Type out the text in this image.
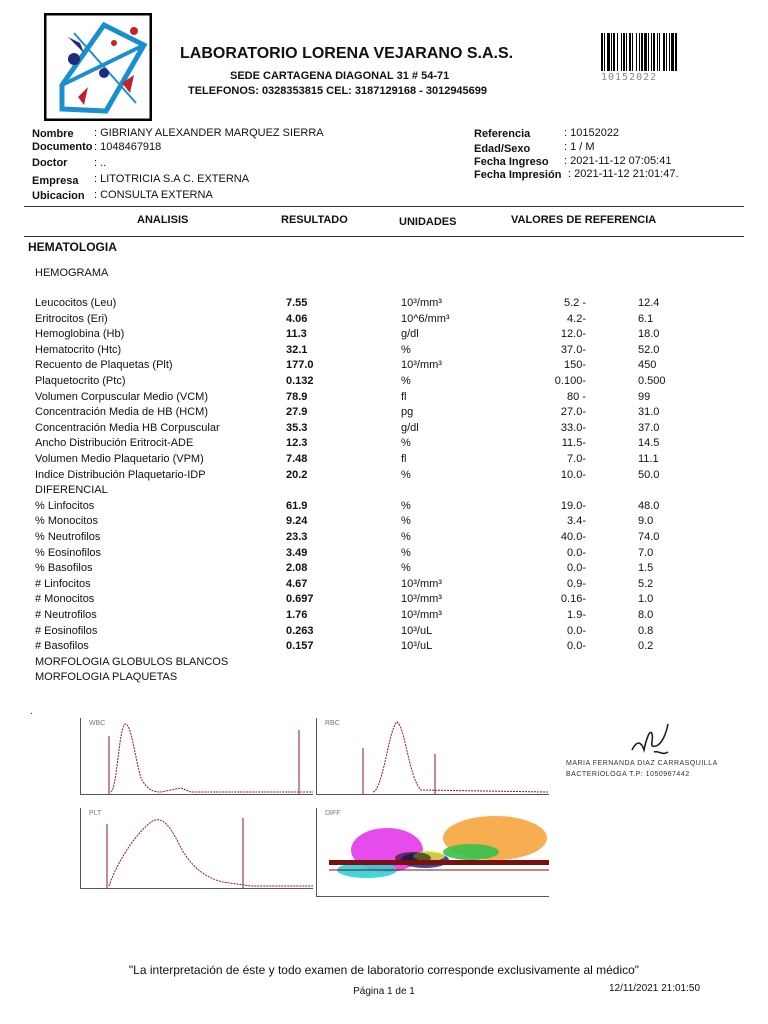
LABORATORIO LORENA VEJARANO S.A.S.
SEDE CARTAGENA DIAGONAL 31 # 54-71
TELEFONOS: 0328353815 CEL: 3187129168 - 3012945699
10152022
Nombre : GIBRIANY ALEXANDER MARQUEZ SIERRA
Documento : 1048467918
Doctor : ..
Empresa : LITOTRICIA S.A C. EXTERNA
Ubicacion : CONSULTA EXTERNA
Referencia	: 10152022
Edad/Sexo	: 1 / M
Fecha Ingreso : 2021-11-12 07:05:41
Fecha Impresión : 2021-11-12 21:01:47.
ANALISIS	RESULTADO	UNIDADES	VALORES DE REFERENCIA
HEMATOLOGIA
HEMOGRAMA
Leucocitos (Leu)	7.55	10³/mm³	5.2 -	12.4
Eritrocitos (Eri)	4.06	10^6/mm³	4.2-	6.1
Hemoglobina (Hb)	11.3	g/dl	12.0-	18.0
Hematocrito (Htc)	32.1	%	37.0-	52.0
Recuento de Plaquetas (Plt)	177.0	10³/mm³	150-	450
Plaquetocrito (Ptc)	0.132	%	0.100-	0.500
Volumen Corpuscular Medio (VCM)	78.9	fl	80 -	99
Concentración Media de HB (HCM)	27.9	pg	27.0-	31.0
Concentración Media HB Corpuscular	35.3	g/dl	33.0-	37.0
Ancho Distribución Eritrocit-ADE	12.3	%	11.5-	14.5
Volumen Medio Plaquetario (VPM)	7.48	fl	7.0-	11.1
Indice Distribución Plaquetario-IDP	20.2	%	10.0-	50.0
DIFERENCIAL
% Linfocitos	61.9	%	19.0-	48.0
% Monocitos	9.24	%	3.4-	9.0
% Neutrofilos	23.3	%	40.0-	74.0
% Eosinofilos	3.49	%	0.0-	7.0
% Basofilos	2.08	%	0.0-	1.5
# Linfocitos	4.67	10³/mm³	0.9-	5.2
# Monocitos	0.697	10³/mm³	0.16-	1.0
# Neutrofilos	1.76	10³/mm³	1.9-	8.0
# Eosinofilos	0.263	10³/uL	0.0-	0.8
# Basofilos	0.157	10³/uL	0.0-	0.2
MORFOLOGIA GLOBULOS BLANCOS
MORFOLOGIA PLAQUETAS
.
WBC	RBC
PLT	DIFF
MARIA FERNANDA DIAZ CARRASQUILLA
BACTERIOLOGA T.P: 1050967442
"La interpretación de éste y todo examen de laboratorio corresponde exclusivamente al médico"
Página 1 de 1	12/11/2021 21:01:50
